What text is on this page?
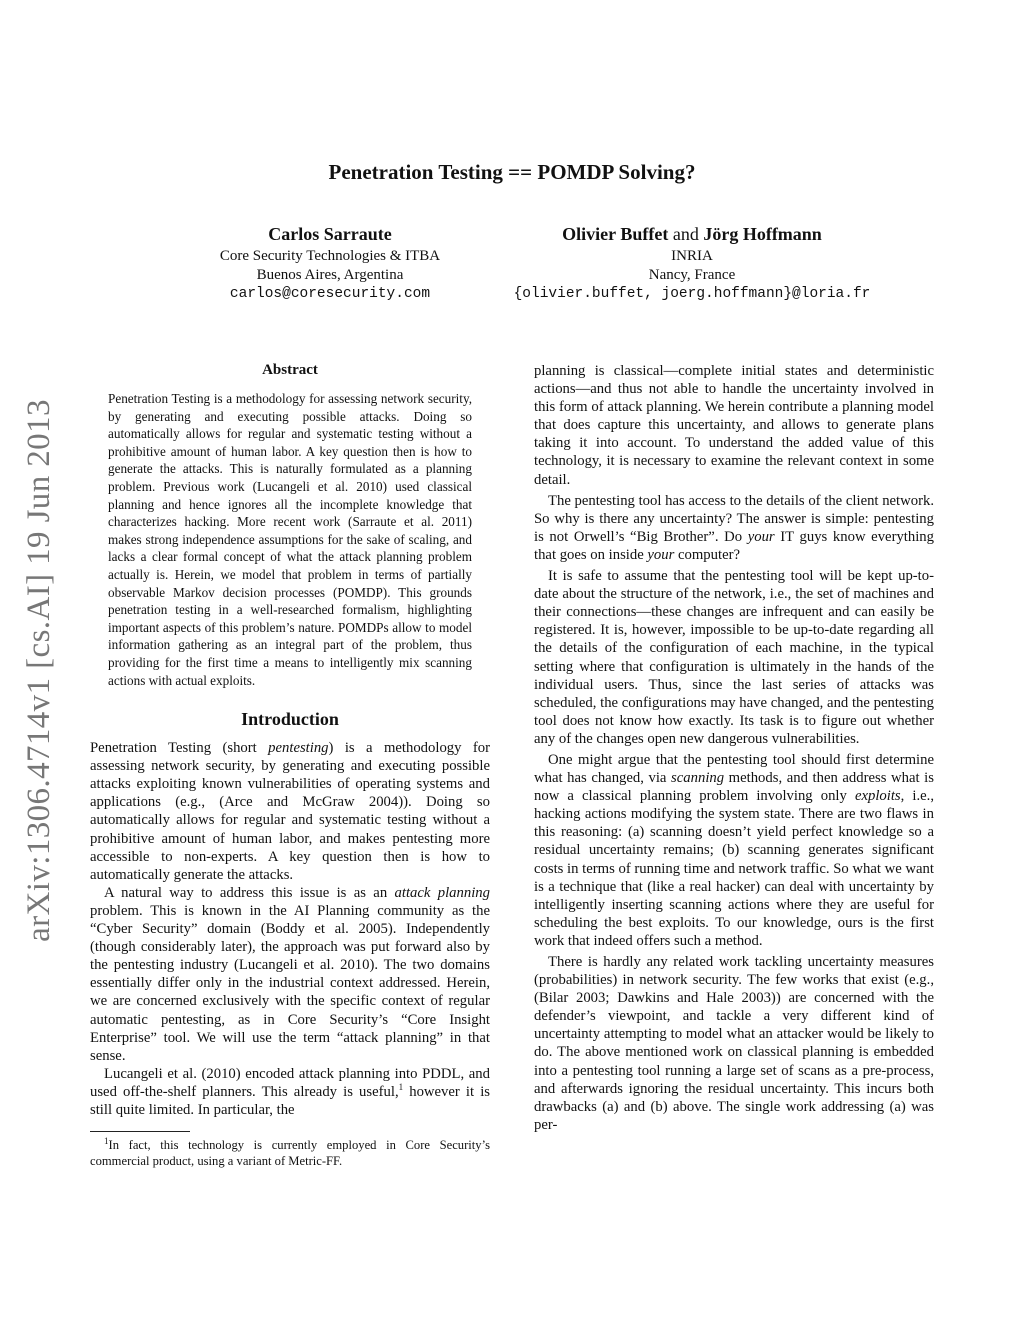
arXiv:1306.4714v1 [cs.AI] 19 Jun 2013
Penetration Testing == POMDP Solving?
Carlos Sarraute
Core Security Technologies & ITBA
Buenos Aires, Argentina
carlos@coresecurity.com
Olivier Buffet and Jörg Hoffmann
INRIA
Nancy, France
{olivier.buffet, joerg.hoffmann}@loria.fr
Abstract
Penetration Testing is a methodology for assessing network security, by generating and executing possible attacks. Doing so automatically allows for regular and systematic testing without a prohibitive amount of human labor. A key question then is how to generate the attacks. This is naturally formulated as a planning problem. Previous work (Lucangeli et al. 2010) used classical planning and hence ignores all the incomplete knowledge that characterizes hacking. More recent work (Sarraute et al. 2011) makes strong independence assumptions for the sake of scaling, and lacks a clear formal concept of what the attack planning problem actually is. Herein, we model that problem in terms of partially observable Markov decision processes (POMDP). This grounds penetration testing in a well-researched formalism, highlighting important aspects of this problem’s nature. POMDPs allow to model information gathering as an integral part of the problem, thus providing for the first time a means to intelligently mix scanning actions with actual exploits.
Introduction

Penetration Testing (short pentesting) is a methodology for assessing network security, by generating and executing possible attacks exploiting known vulnerabilities of operating systems and applications (e.g., (Arce and McGraw 2004)). Doing so automatically allows for regular and systematic testing without a prohibitive amount of human labor, and makes pentesting more accessible to non-experts. A key question then is how to automatically generate the attacks.

A natural way to address this issue is as an attack planning problem. This is known in the AI Planning community as the “Cyber Security” domain (Boddy et al. 2005). Independently (though considerably later), the approach was put forward also by the pentesting industry (Lucangeli et al. 2010). The two domains essentially differ only in the industrial context addressed. Herein, we are concerned exclusively with the specific context of regular automatic pentesting, as in Core Security’s “Core Insight Enterprise” tool. We will use the term “attack planning” in that sense.

Lucangeli et al. (2010) encoded attack planning into PDDL, and used off-the-shelf planners. This already is useful,$^1$ however it is still quite limited. In particular, the

$^1$In fact, this technology is currently employed in Core Security’s commercial product, using a variant of Metric-FF.

planning is classical—complete initial states and deterministic actions—and thus not able to handle the uncertainty involved in this form of attack planning. We herein contribute a planning model that does capture this uncertainty, and allows to generate plans taking it into account. To understand the added value of this technology, it is necessary to examine the relevant context in some detail.

The pentesting tool has access to the details of the client network. So why is there any uncertainty? The answer is simple: pentesting is not Orwell’s “Big Brother”. Do your IT guys know everything that goes on inside your computer?

It is safe to assume that the pentesting tool will be kept up-to-date about the structure of the network, i.e., the set of machines and their connections—these changes are infrequent and can easily be registered. It is, however, impossible to be up-to-date regarding all the details of the configuration of each machine, in the typical setting where that configuration is ultimately in the hands of the individual users. Thus, since the last series of attacks was scheduled, the configurations may have changed, and the pentesting tool does not know how exactly. Its task is to figure out whether any of the changes open new dangerous vulnerabilities.

One might argue that the pentesting tool should first determine what has changed, via scanning methods, and then address what is now a classical planning problem involving only exploits, i.e., hacking actions modifying the system state. There are two flaws in this reasoning: (a) scanning doesn’t yield perfect knowledge so a residual uncertainty remains; (b) scanning generates significant costs in terms of running time and network traffic. So what we want is a technique that (like a real hacker) can deal with uncertainty by intelligently inserting scanning actions where they are useful for scheduling the best exploits. To our knowledge, ours is the first work that indeed offers such a method.

There is hardly any related work tackling uncertainty measures (probabilities) in network security. The few works that exist (e.g., (Bilar 2003; Dawkins and Hale 2003)) are concerned with the defender’s viewpoint, and tackle a very different kind of uncertainty attempting to model what an attacker would be likely to do. The above mentioned work on classical planning is embedded into a pentesting tool running a large set of scans as a pre-process, and afterwards ignoring the residual uncertainty. This incurs both drawbacks (a) and (b) above. The single work addressing (a) was per-
